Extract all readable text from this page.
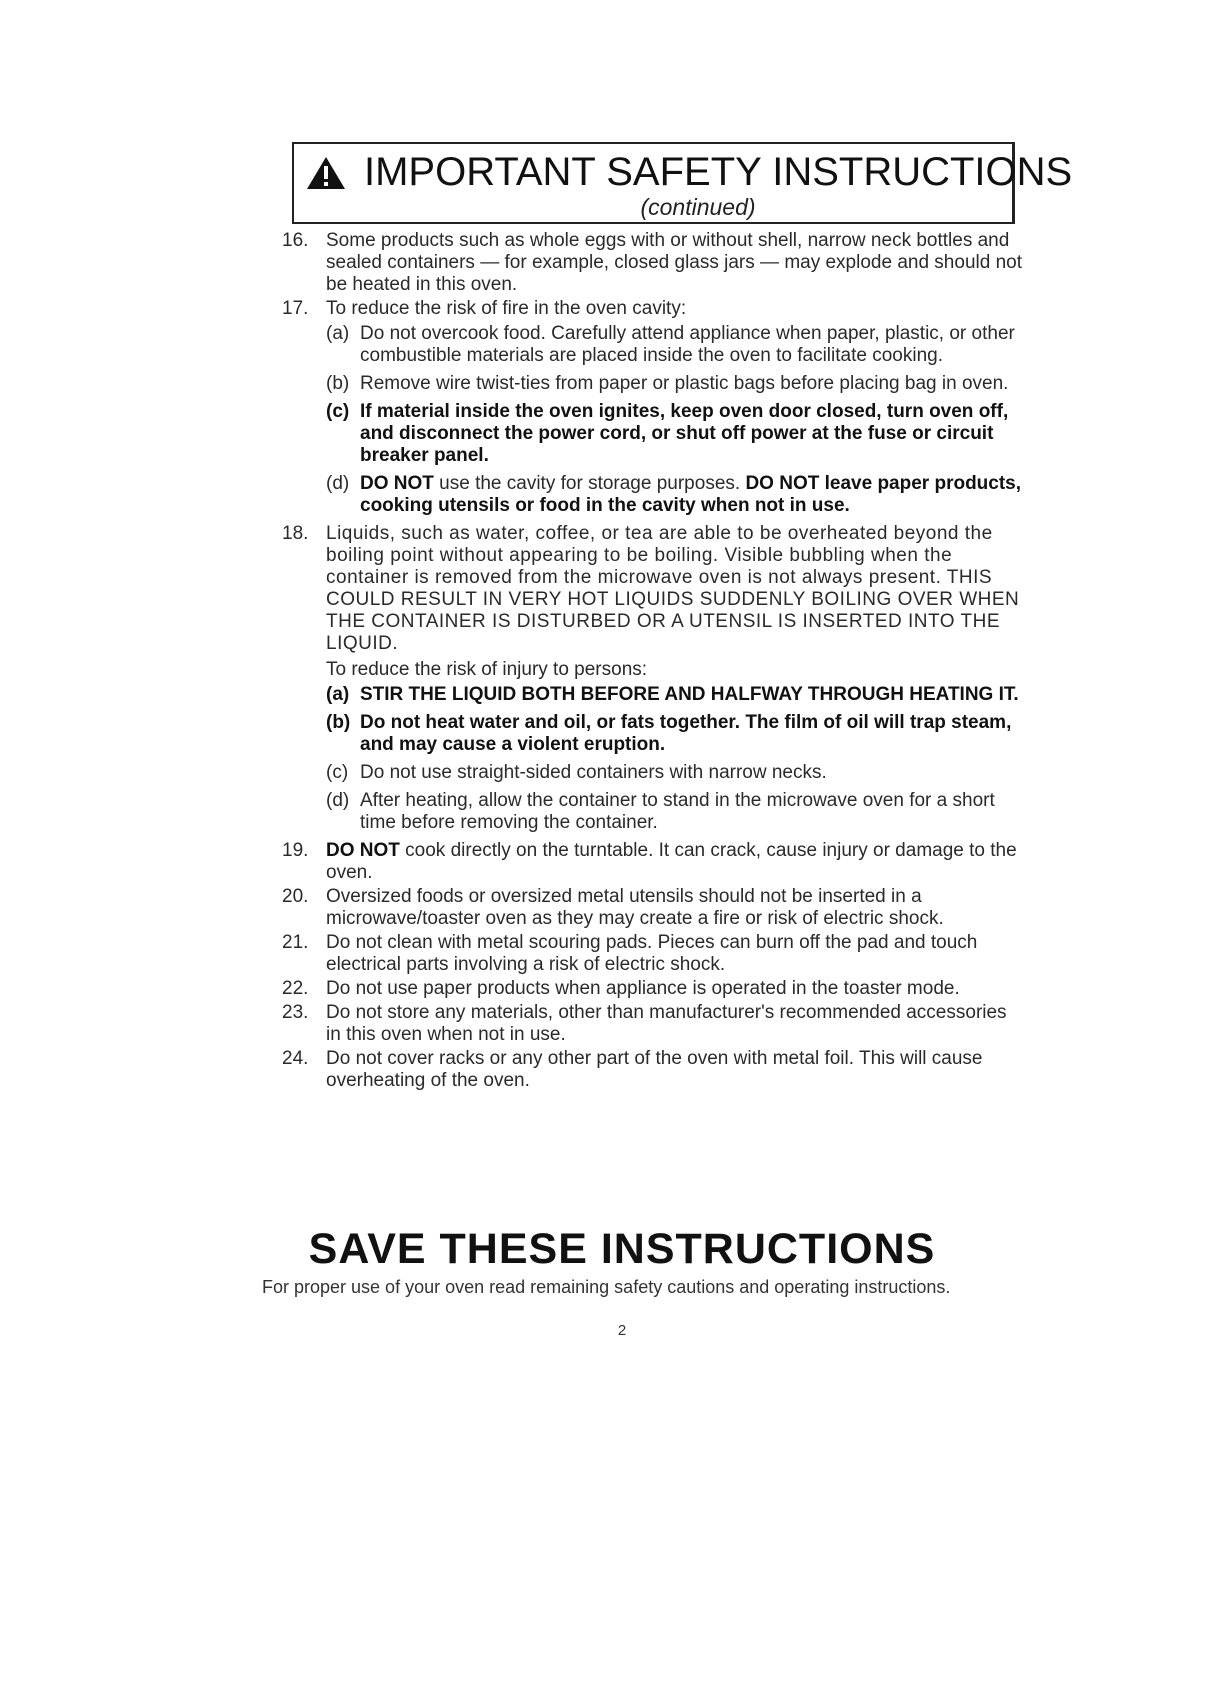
IMPORTANT SAFETY INSTRUCTIONS
(continued)
16. Some products such as whole eggs with or without shell, narrow neck bottles and sealed containers — for example, closed glass jars — may explode and should not be heated in this oven.
17. To reduce the risk of fire in the oven cavity:
(a) Do not overcook food. Carefully attend appliance when paper, plastic, or other combustible materials are placed inside the oven to facilitate cooking.
(b) Remove wire twist-ties from paper or plastic bags before placing bag in oven.
(c) If material inside the oven ignites, keep oven door closed, turn oven off, and disconnect the power cord, or shut off power at the fuse or circuit breaker panel.
(d) DO NOT use the cavity for storage purposes. DO NOT leave paper products, cooking utensils or food in the cavity when not in use.
18. Liquids, such as water, coffee, or tea are able to be overheated beyond the boiling point without appearing to be boiling. Visible bubbling when the container is removed from the microwave oven is not always present. THIS COULD RESULT IN VERY HOT LIQUIDS SUDDENLY BOILING OVER WHEN THE CONTAINER IS DISTURBED OR A UTENSIL IS INSERTED INTO THE LIQUID.
To reduce the risk of injury to persons:
(a) STIR THE LIQUID BOTH BEFORE AND HALFWAY THROUGH HEATING IT.
(b) Do not heat water and oil, or fats together. The film of oil will trap steam, and may cause a violent eruption.
(c) Do not use straight-sided containers with narrow necks.
(d) After heating, allow the container to stand in the microwave oven for a short time before removing the container.
19. DO NOT cook directly on the turntable. It can crack, cause injury or damage to the oven.
20. Oversized foods or oversized metal utensils should not be inserted in a microwave/toaster oven as they may create a fire or risk of electric shock.
21. Do not clean with metal scouring pads. Pieces can burn off the pad and touch electrical parts involving a risk of electric shock.
22. Do not use paper products when appliance is operated in the toaster mode.
23. Do not store any materials, other than manufacturer's recommended accessories in this oven when not in use.
24. Do not cover racks or any other part of the oven with metal foil. This will cause overheating of the oven.
SAVE THESE INSTRUCTIONS
For proper use of your oven read remaining safety cautions and operating instructions.
2
